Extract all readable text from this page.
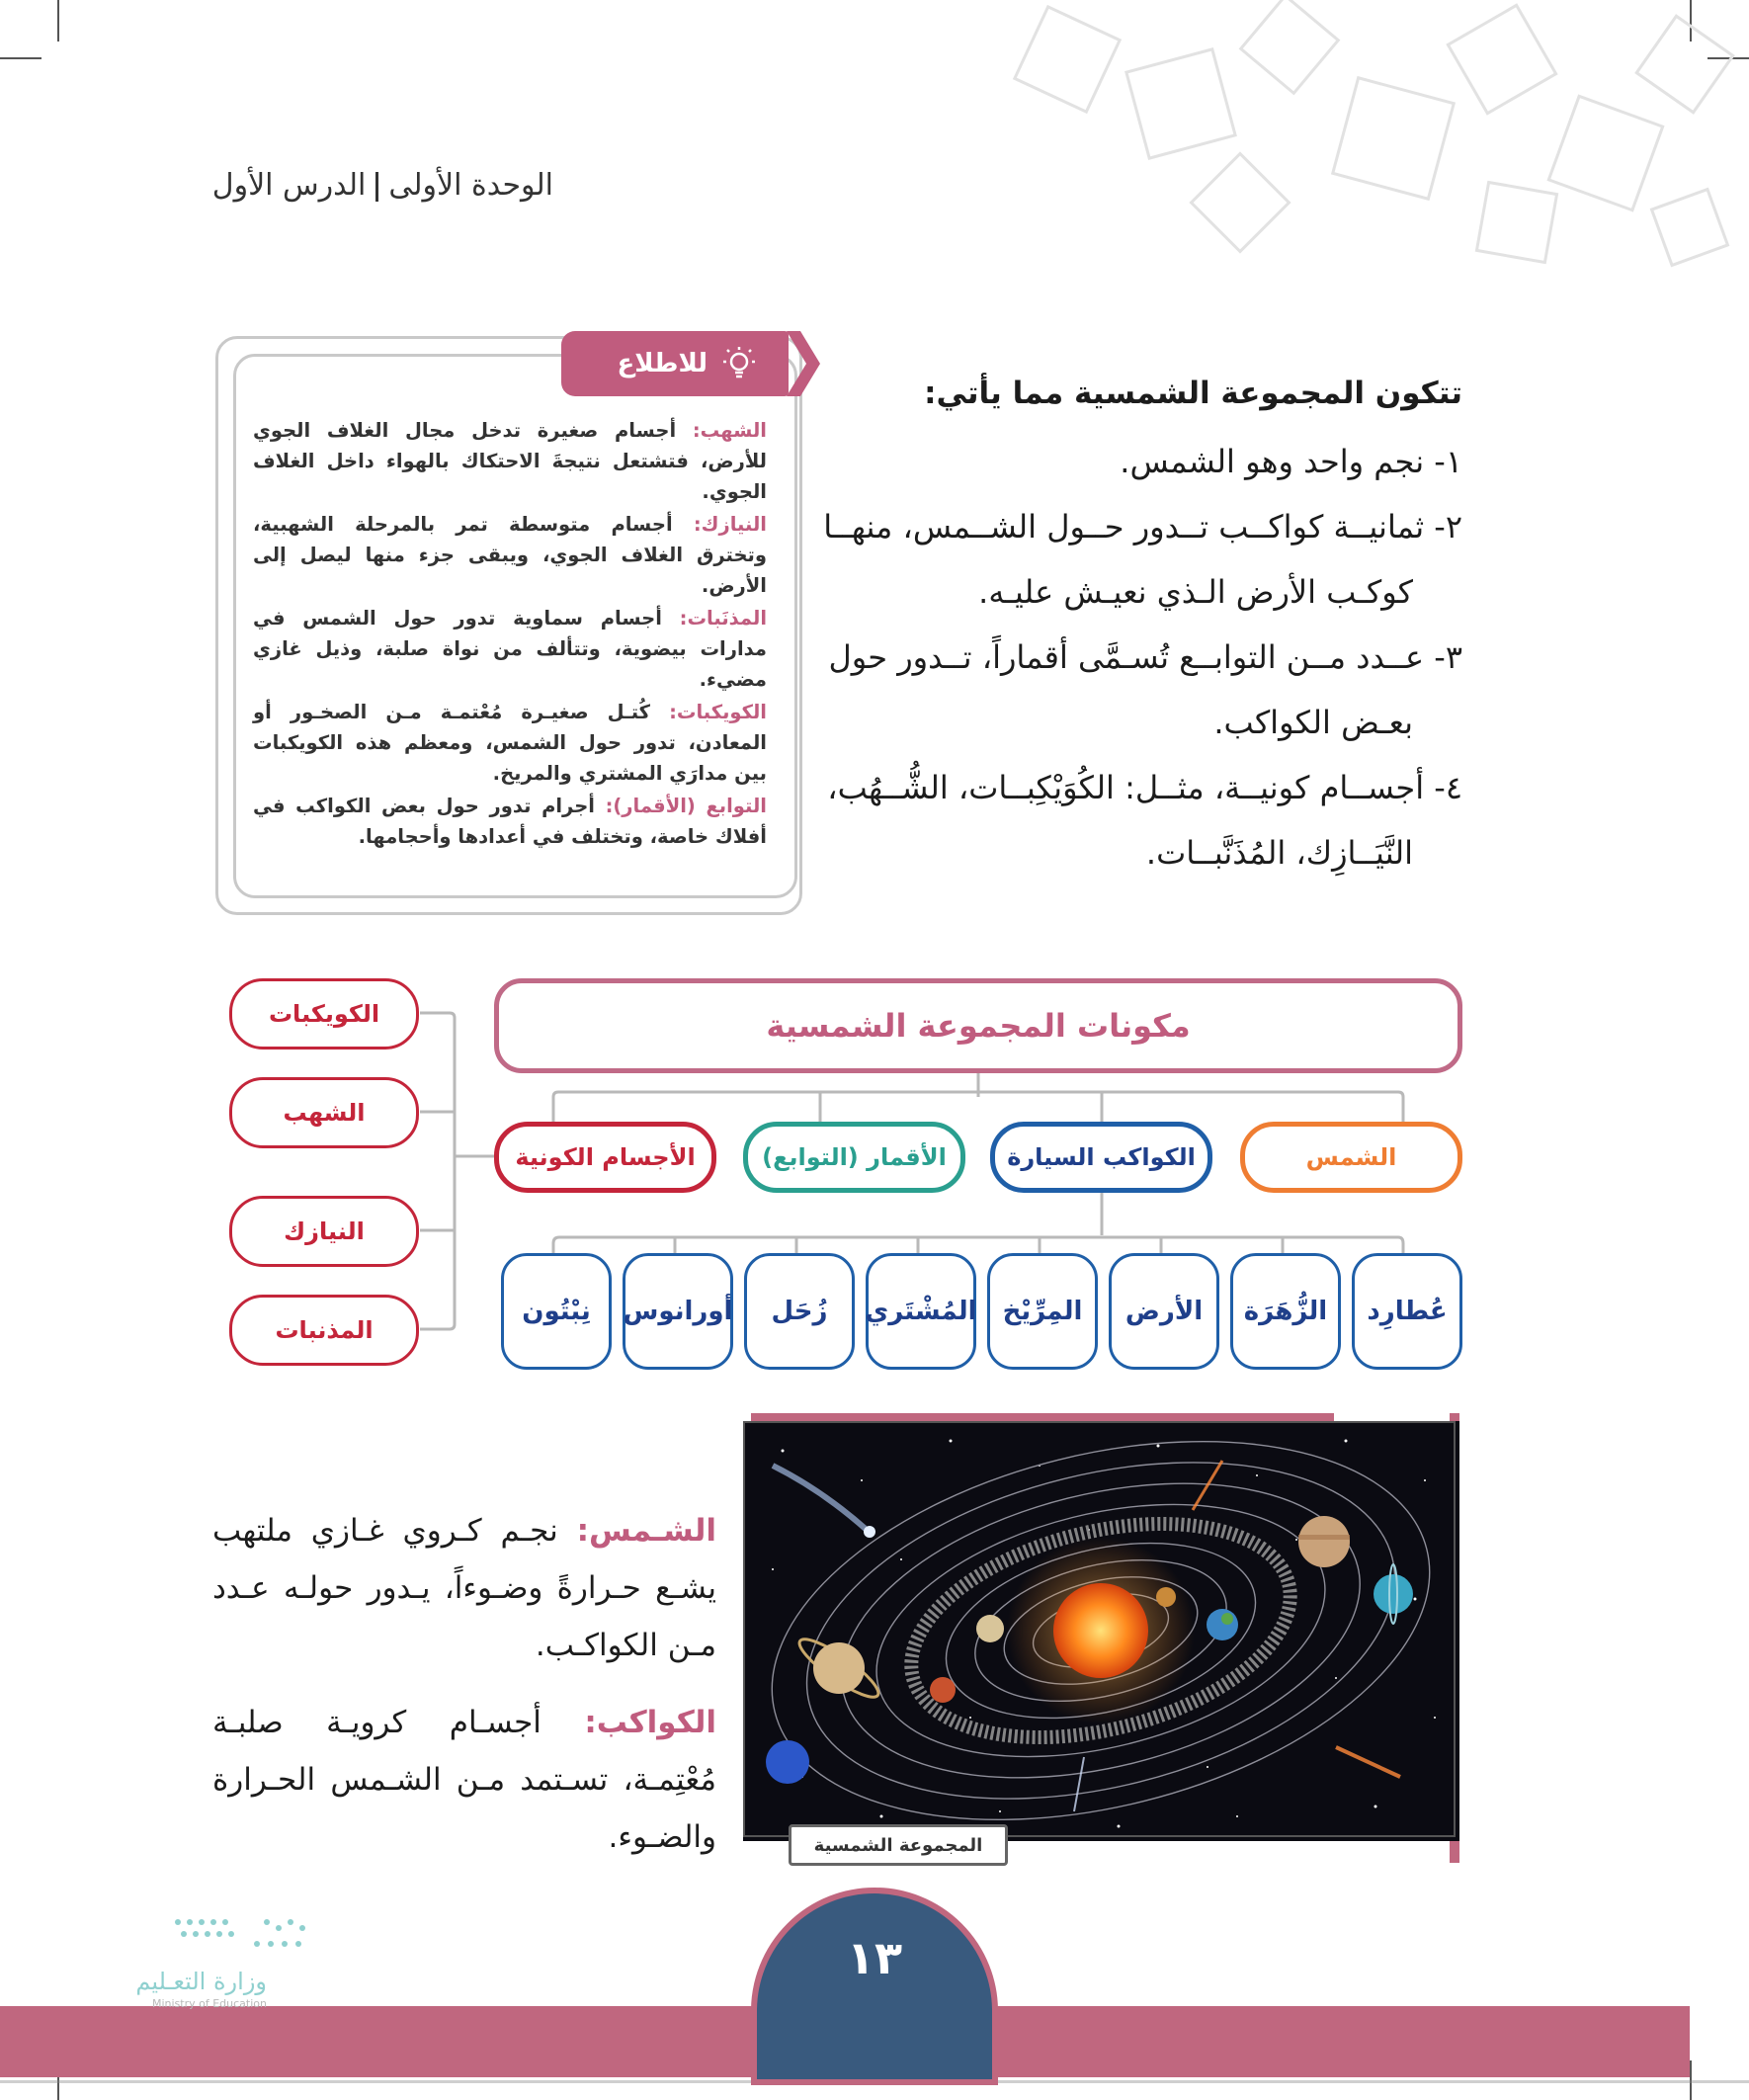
الوحدة الأولىالدرس الأول
للاطلاع
الشهب: أجسام صغيرة تدخل مجال الغلاف الجوي للأرض، فتشتعل نتيجةَ الاحتكاك بالهواء داخل الغلاف الجوي.
النيازك: أجسام متوسطة تمر بالمرحلة الشهبية، وتخترق الغلاف الجوي، ويبقى جزء منها ليصل إلى الأرض.
المذنَبات: أجسام سماوية تدور حول الشمس في مدارات بيضوية، وتتألف من نواة صلبة، وذيل غازي مضيء.
الكويكبات: كُتـل صغيـرة مُعْتمـة مـن الصخـور أو المعادن، تدور حول الشمس، ومعظم هذه الكويكبات بين مدارَي المشتري والمريخ.
التوابع (الأقمار): أجرام تدور حول بعض الكواكب في أفلاك خاصة، وتختلف في أعدادها وأحجامها.
تتكون المجموعة الشمسية مما يأتي:
١- نجم واحد وهو الشمس.
٢- ثمانيــة كواكــب تــدور حــول الشــمس، منهــا
كوكـب الأرض الـذي نعيـش عليـه.
٣- عــدد مــن التوابــع تُسـمَّى أقماراً، تــدور حول
بعـض الكواكب.
٤- أجســام كونيــة، مثــل: الكُوَيْكِبــات، الشُّــهُب،
النَّيَــازِك، المُذَنَّبــات.
مكونات المجموعة الشمسية
الشمس
الكواكب السيارة
الأقمار (التوابع)
الأجسام الكونية
عُطارِد
الزُّهَرَة
الأرض
المِرِّيْخ
المُشْتَري
زُحَل
أورانوس
نِبْتُون
الكويكبات
الشهب
النيازك
المذنبات
المجموعة الشمسية
الشـمس: نجـم كـروي غـازي ملتهب يشـع حـرارةً وضـوءاً، يـدور حولـه عـدد مـن الكواكـب.
الكواكب: أجسـام كرويـة صلبـة مُعْتِمـة، تسـتمد مـن الشـمس الحـرارة والضـوء.
١٣
وزارة التعـليم
Ministry of Education
